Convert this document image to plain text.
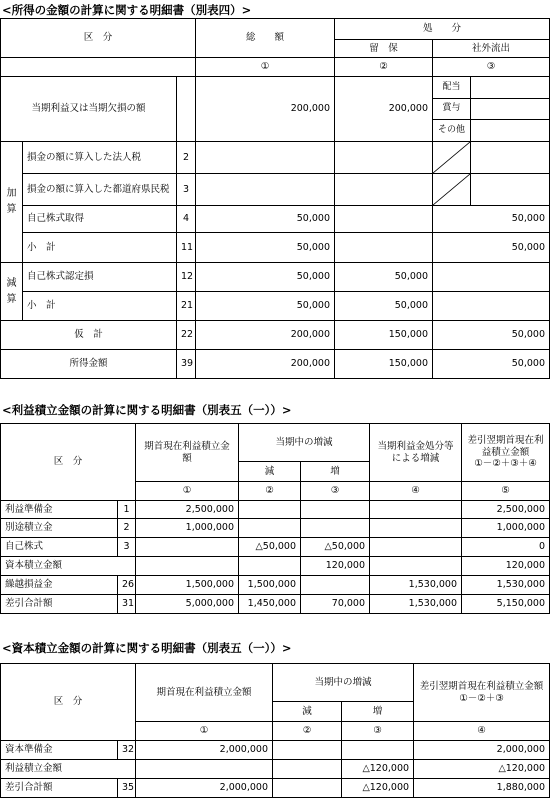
<所得の金額の計算に関する明細書（別表四）>
区　分			総　　額	処　　分		
				留　保	社外流出	
			①	②	③	
当期利益又は当期欠損の額			200,000	200,000	配当	
					賞与	
					その他	
加算	損金の額に算入した法人税	2			

	損金の額に算入した都道府県民税	3			

	自己株式取得	4	50,000		50,000	
	小　計	11	50,000		50,000	
減算	自己株式認定損	12	50,000	50,000		
	小　計	21	50,000	50,000		
仮　計		22	200,000	150,000	50,000	
所得金額		39	200,000	150,000	50,000	
<利益積立金額の計算に関する明細書（別表五（一））>
区　分		期首現在利益積立金額	当期中の増減		当期利益金処分等による増減	差引翌期首現在利益積立金額
①－②＋③＋④
			減	増		
		①	②	③	④	⑤
利益準備金	1	2,500,000				2,500,000
別途積立金	2	1,000,000				1,000,000
自己株式	3		△50,000	△50,000		0
資本積立金額				120,000		120,000
繰越損益金	26	1,500,000	1,500,000		1,530,000	1,530,000
差引合計額	31	5,000,000	1,450,000	70,000	1,530,000	5,150,000
<資本積立金額の計算に関する明細書（別表五（一））>
区　分		期首現在利益積立金額	当期中の増減		差引翌期首現在利益積立金額
①－②＋③
			減	増	
		①	②	③	④
資本準備金	32	2,000,000			2,000,000
利益積立金額				△120,000	△120,000
差引合計額	35	2,000,000		△120,000	1,880,000
